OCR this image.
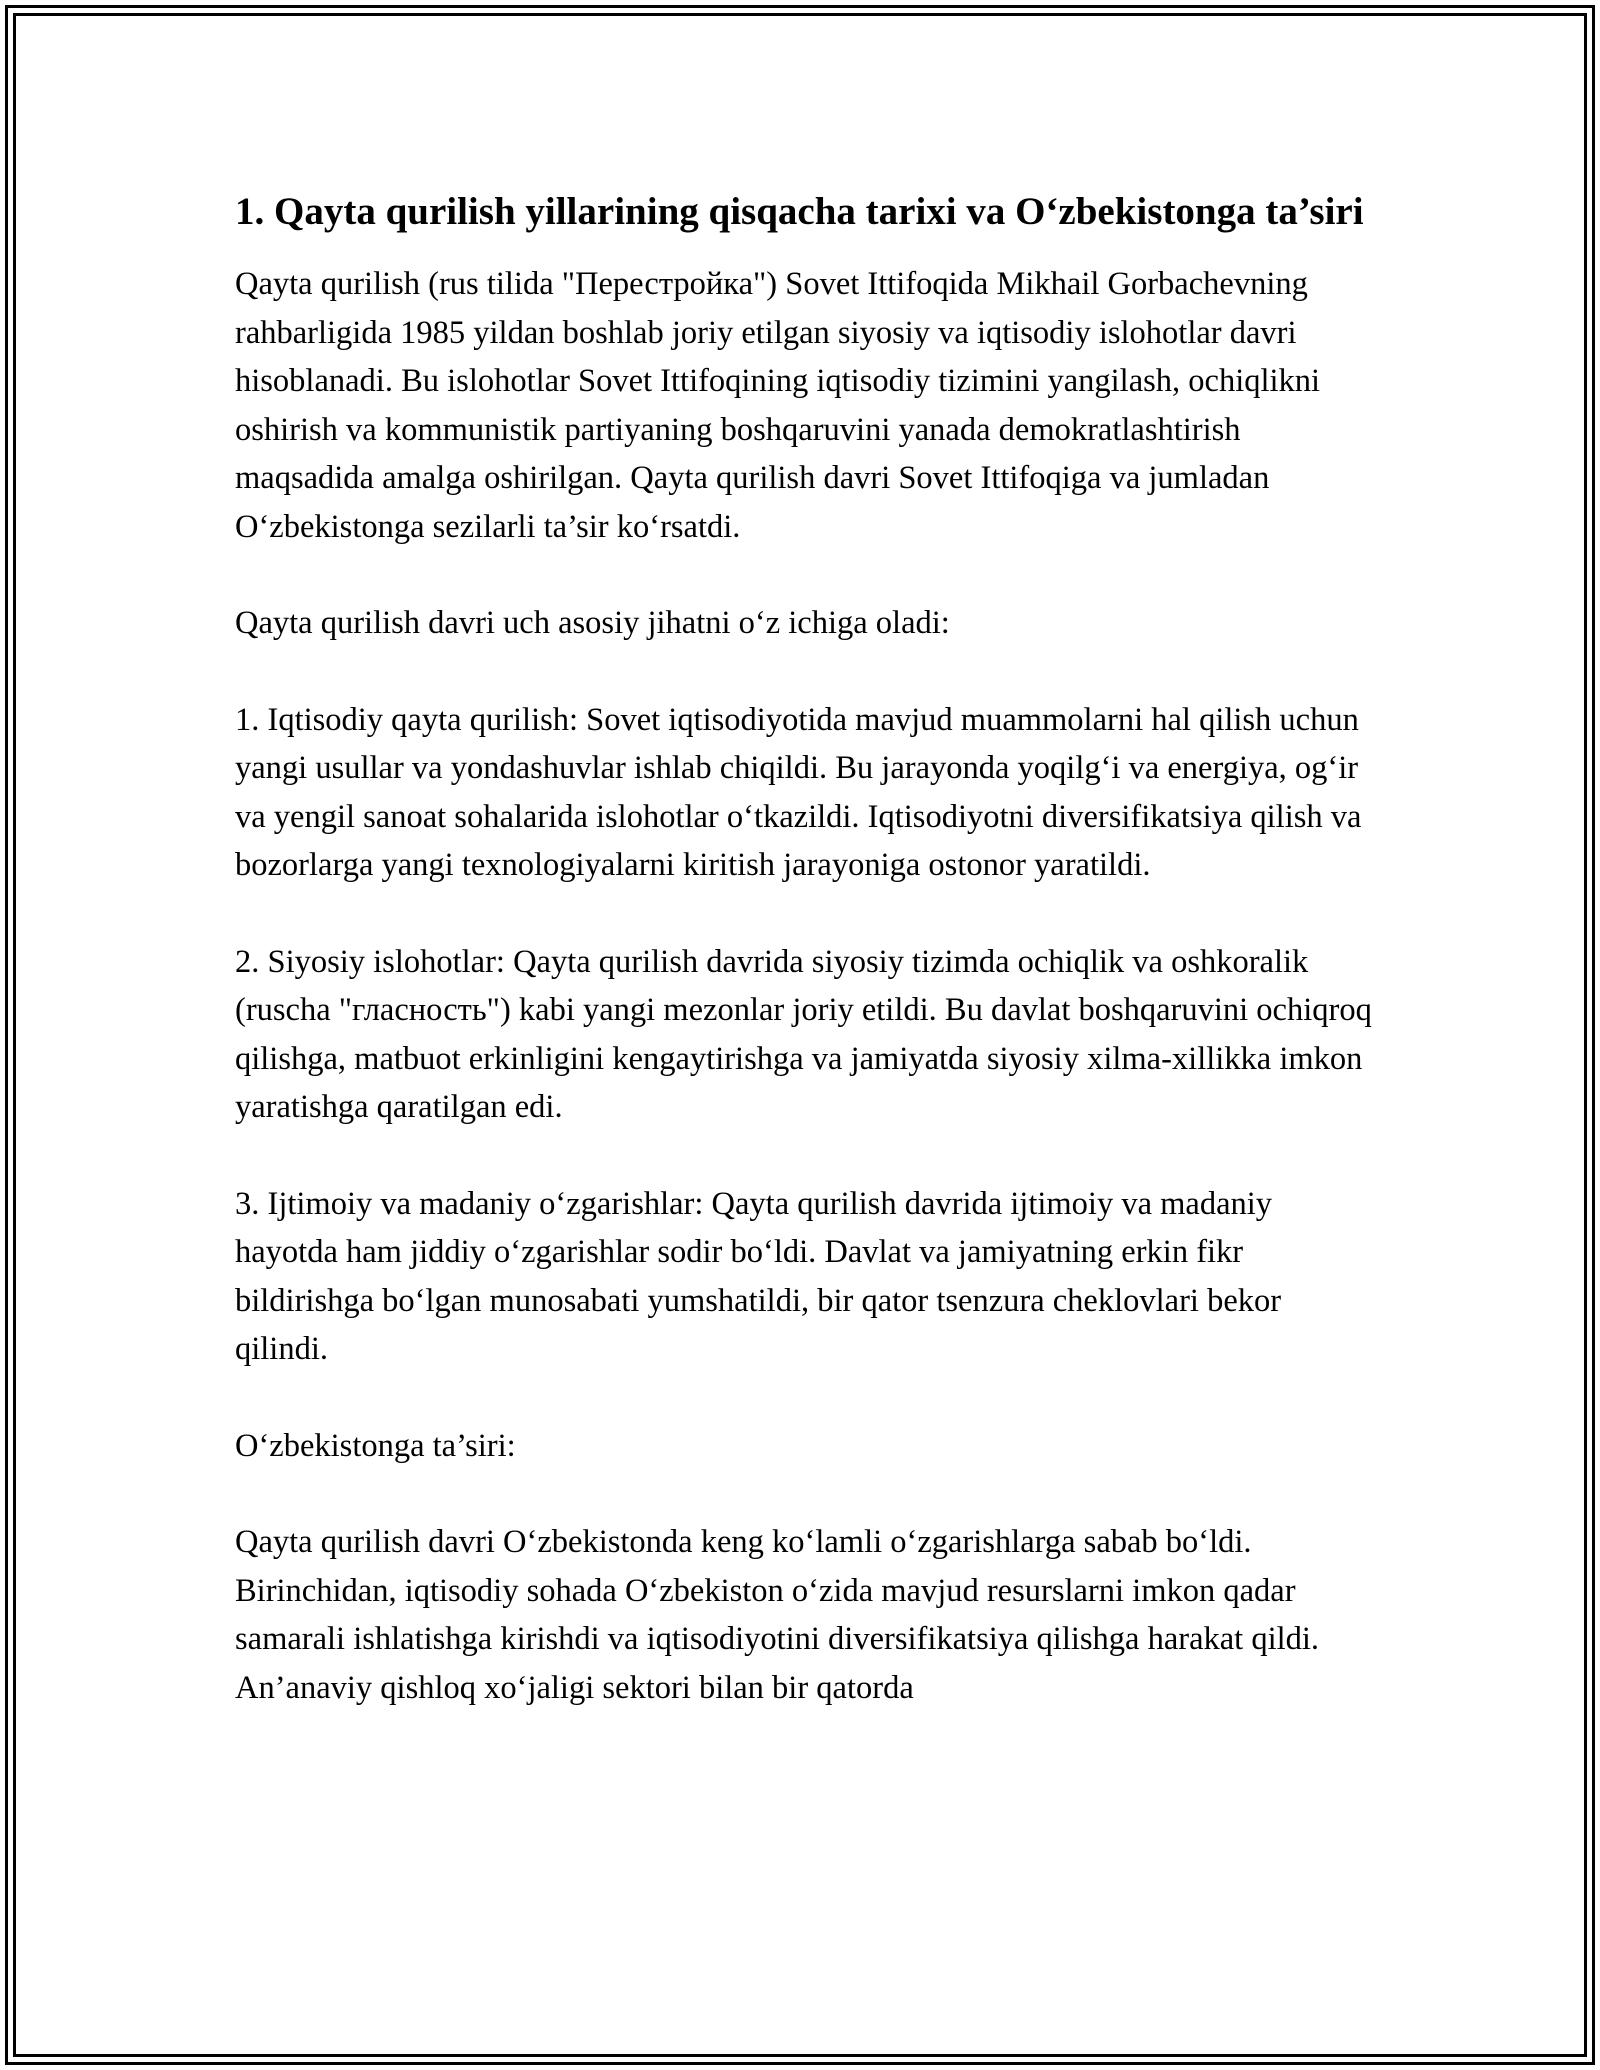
1. Qayta qurilish yillarining qisqacha tarixi va O‘zbekistonga ta’siri

Qayta qurilish (rus tilida "Перестройка") Sovet Ittifoqida Mikhail Gorbachevning rahbarligida 1985 yildan boshlab joriy etilgan siyosiy va iqtisodiy islohotlar davri hisoblanadi. Bu islohotlar Sovet Ittifoqining iqtisodiy tizimini yangilash, ochiqlikni oshirish va kommunistik partiyaning boshqaruvini yanada demokratlashtirish maqsadida amalga oshirilgan. Qayta qurilish davri Sovet Ittifoqiga va jumladan O‘zbekistonga sezilarli ta’sir ko‘rsatdi.

Qayta qurilish davri uch asosiy jihatni o‘z ichiga oladi:

1. Iqtisodiy qayta qurilish: Sovet iqtisodiyotida mavjud muammolarni hal qilish uchun yangi usullar va yondashuvlar ishlab chiqildi. Bu jarayonda yoqilg‘i va energiya, og‘ir va yengil sanoat sohalarida islohotlar o‘tkazildi. Iqtisodiyotni diversifikatsiya qilish va bozorlarga yangi texnologiyalarni kiritish jarayoniga ostonor yaratildi.

2. Siyosiy islohotlar: Qayta qurilish davrida siyosiy tizimda ochiqlik va oshkoralik (ruscha "гласность") kabi yangi mezonlar joriy etildi. Bu davlat boshqaruvini ochiqroq qilishga, matbuot erkinligini kengaytirishga va jamiyatda siyosiy xilma-xillikka imkon yaratishga qaratilgan edi.

3. Ijtimoiy va madaniy o‘zgarishlar: Qayta qurilish davrida ijtimoiy va madaniy hayotda ham jiddiy o‘zgarishlar sodir bo‘ldi. Davlat va jamiyatning erkin fikr bildirishga bo‘lgan munosabati yumshatildi, bir qator tsenzura cheklovlari bekor qilindi.

O‘zbekistonga ta’siri:

Qayta qurilish davri O‘zbekistonda keng ko‘lamli o‘zgarishlarga sabab bo‘ldi. Birinchidan, iqtisodiy sohada O‘zbekiston o‘zida mavjud resurslarni imkon qadar samarali ishlatishga kirishdi va iqtisodiyotini diversifikatsiya qilishga harakat qildi. An’anaviy qishloq xo‘jaligi sektori bilan bir qatorda
